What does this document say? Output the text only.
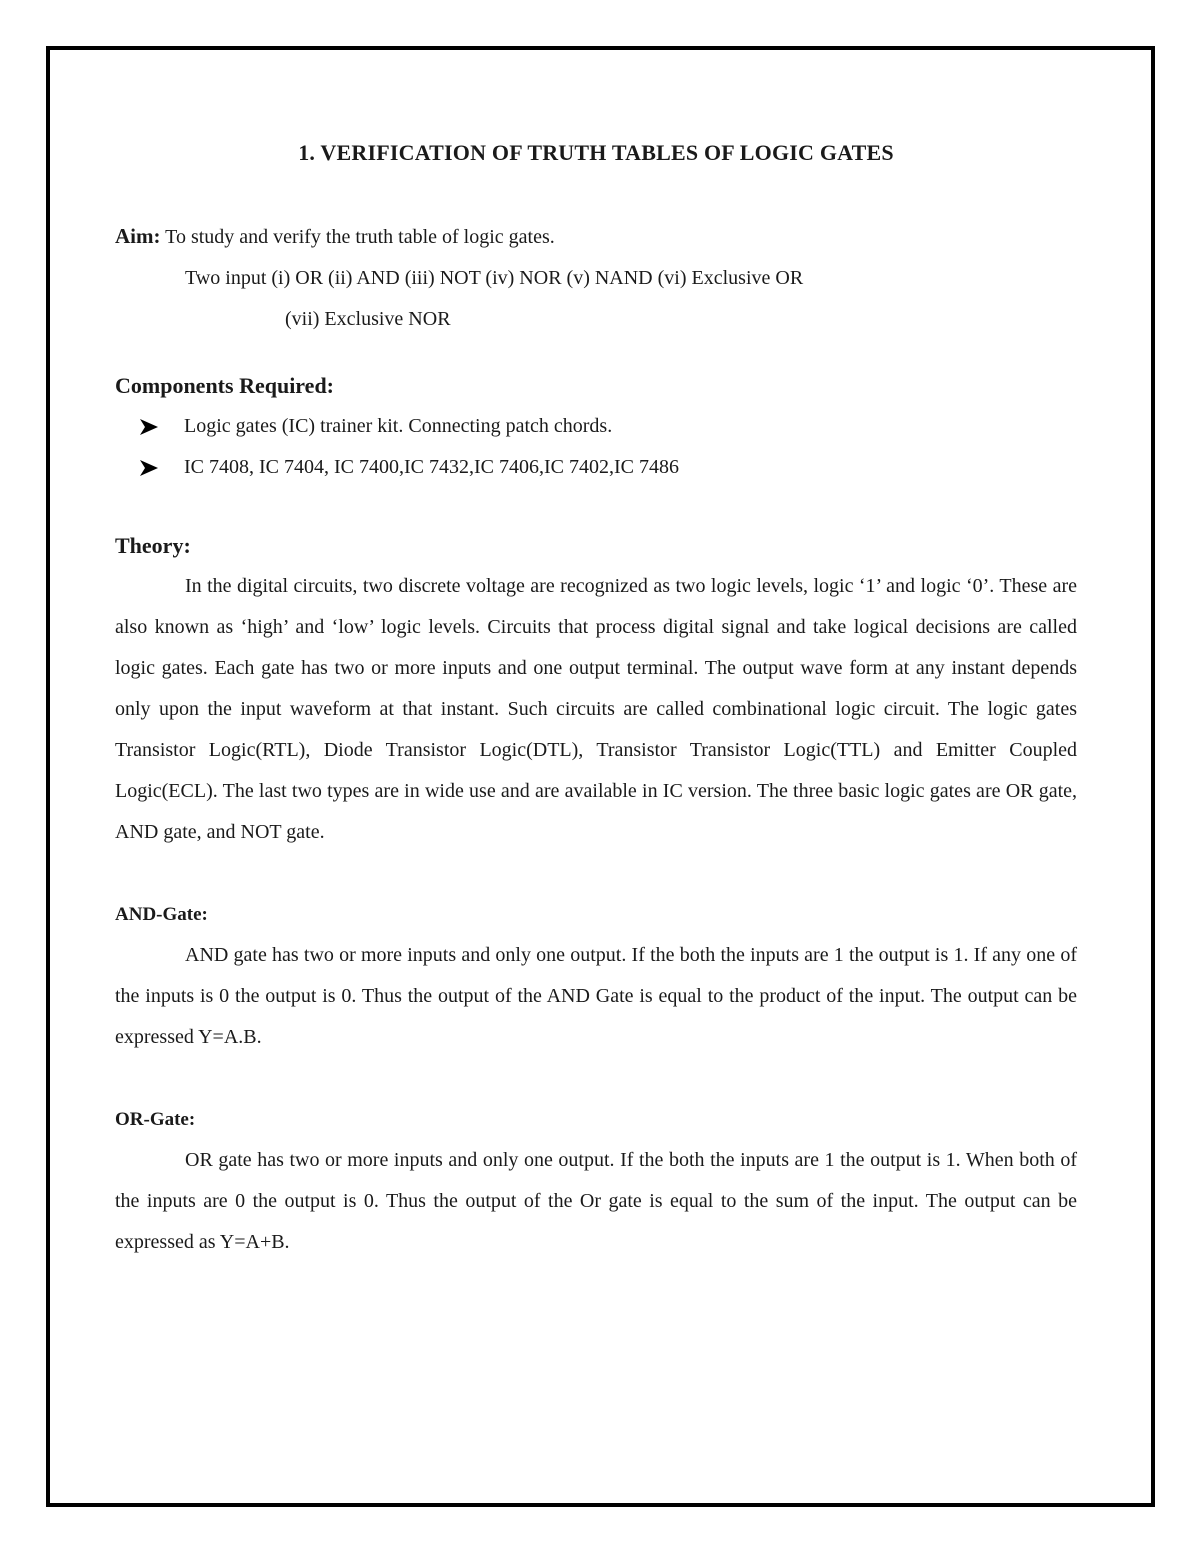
1. VERIFICATION OF TRUTH TABLES OF LOGIC GATES

Aim: To study and verify the truth table of logic gates.

Two input (i) OR (ii) AND (iii) NOT (iv) NOR (v) NAND (vi) Exclusive OR
(vii) Exclusive NOR
Components Required:
Logic gates (IC) trainer kit. Connecting patch chords.
IC 7408, IC 7404, IC 7400,IC 7432,IC 7406,IC 7402,IC 7486
Theory:

In the digital circuits, two discrete voltage are recognized as two logic levels, logic ‘1’ and logic ‘0’. These are also known as ‘high’ and ‘low’ logic levels. Circuits that process digital signal and take logical decisions are called logic gates. Each gate has two or more inputs and one output terminal. The output wave form at any instant depends only upon the input waveform at that instant. Such circuits are called combinational logic circuit. The logic gates Transistor Logic(RTL), Diode Transistor Logic(DTL), Transistor Transistor Logic(TTL) and Emitter Coupled Logic(ECL). The last two types are in wide use and are available in IC version. The three basic logic gates are OR gate, AND gate, and NOT gate.

AND-Gate:

AND gate has two or more inputs and only one output. If the both the inputs are 1 the output is 1. If any one of the inputs is 0 the output is 0. Thus the output of the AND Gate is equal to the product of the input. The output can be expressed Y=A.B.

OR-Gate:

OR gate has two or more inputs and only one output. If the both the inputs are 1 the output is 1. When both of the inputs are 0 the output is 0. Thus the output of the Or gate is equal to the sum of the input. The output can be expressed as Y=A+B.
